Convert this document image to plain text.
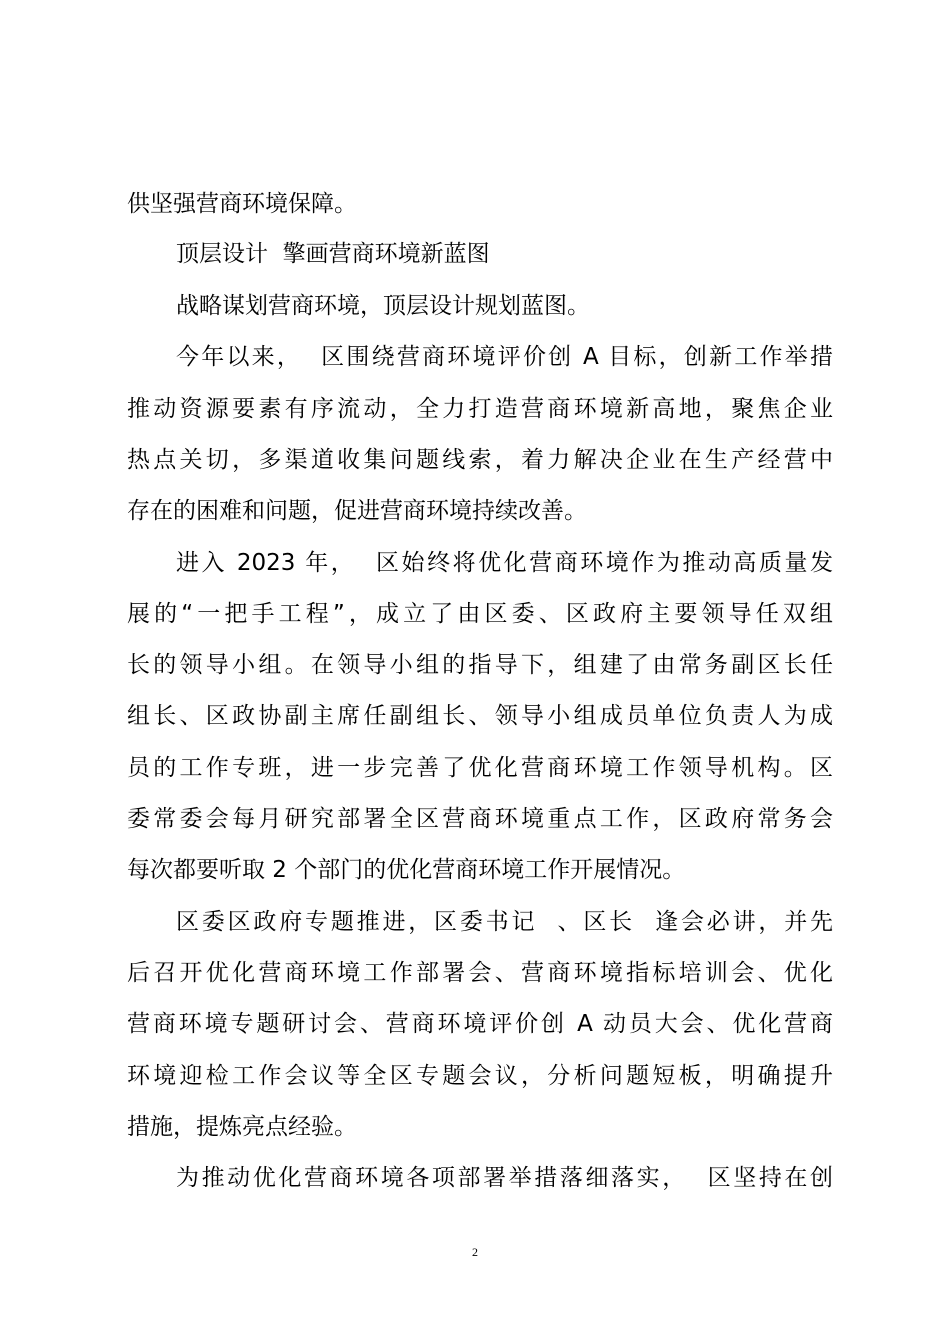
供坚强营商环境保障。
顶层设计  擎画营商环境新蓝图
战略谋划营商环境，顶层设计规划蓝图。
今年以来，  区围绕营商环境评价创 A 目标，创新工作举措
推动资源要素有序流动，全力打造营商环境新高地，聚焦企业
热点关切，多渠道收集问题线索，着力解决企业在生产经营中
存在的困难和问题，促进营商环境持续改善。
进入 2023 年，  区始终将优化营商环境作为推动高质量发
展的“一把手工程”，成立了由区委、区政府主要领导任双组
长的领导小组。在领导小组的指导下，组建了由常务副区长任
组长、区政协副主席任副组长、领导小组成员单位负责人为成
员的工作专班，进一步完善了优化营商环境工作领导机构。区
委常委会每月研究部署全区营商环境重点工作，区政府常务会
每次都要听取 2 个部门的优化营商环境工作开展情况。
区委区政府专题推进，区委书记  、区长  逢会必讲，并先
后召开优化营商环境工作部署会、营商环境指标培训会、优化
营商环境专题研讨会、营商环境评价创 A 动员大会、优化营商
环境迎检工作会议等全区专题会议，分析问题短板，明确提升
措施，提炼亮点经验。
为推动优化营商环境各项部署举措落细落实，  区坚持在创
2
